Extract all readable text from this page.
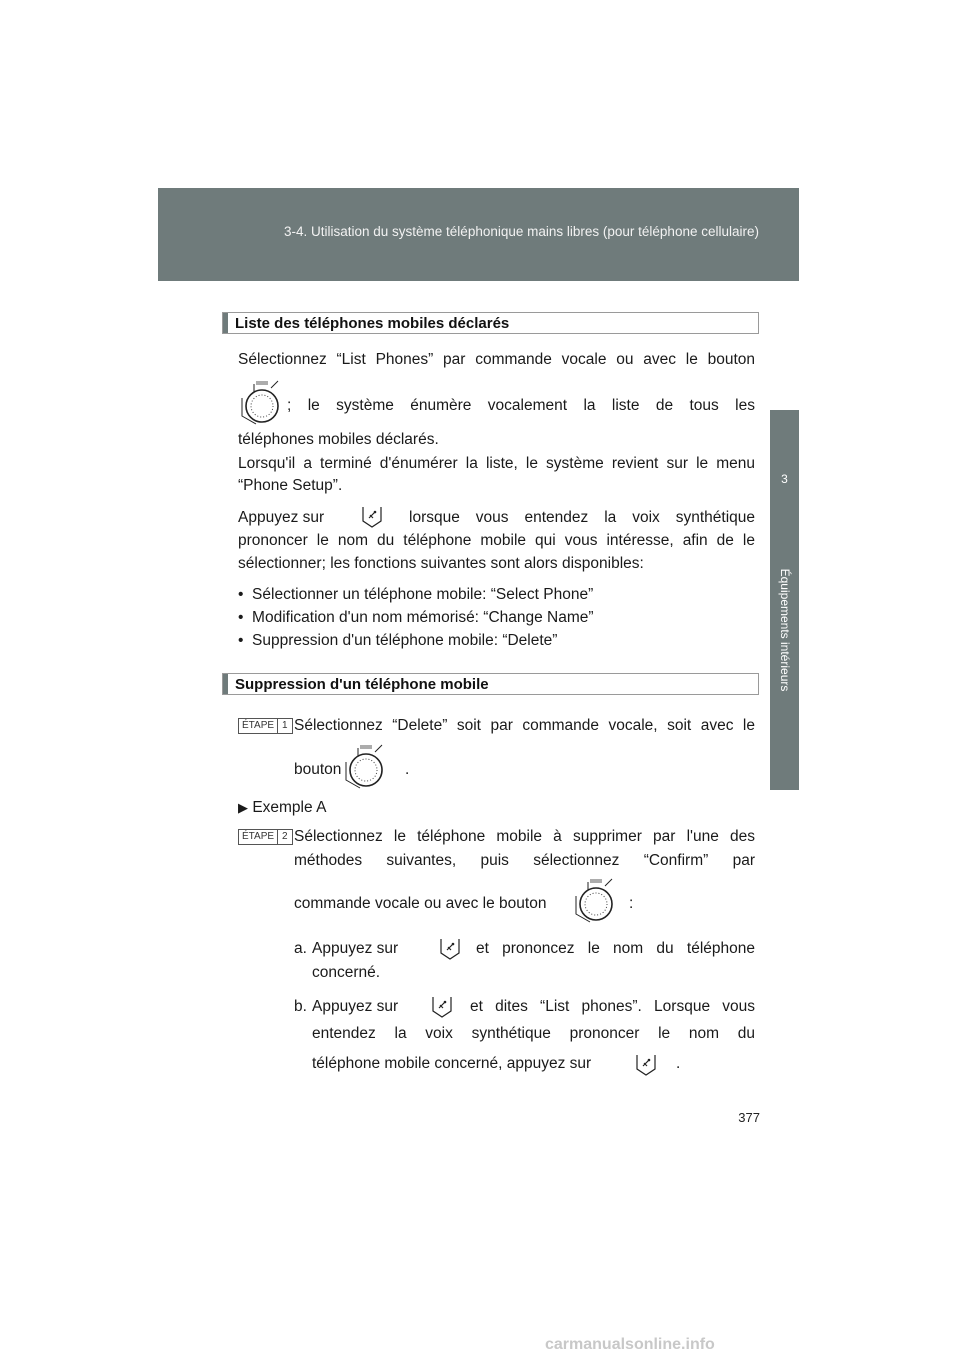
3-4. Utilisation du système téléphonique mains libres (pour téléphone cellulaire)
3
Équipements intérieurs
Liste des téléphones mobiles déclarés
Sélectionnez “List Phones” par commande vocale ou avec le bouton
; le système énumère vocalement la liste de tous les
téléphones mobiles déclarés.
Lorsqu'il a terminé d'énumérer la liste, le système revient sur le menu
“Phone Setup”.
Appuyez sur	lorsque vous entendez la voix synthétique
prononcer le nom du téléphone mobile qui vous intéresse, afin de le
sélectionner; les fonctions suivantes sont alors disponibles:
•  Sélectionner un téléphone mobile: “Select Phone”
•  Modification d'un nom mémorisé: “Change Name”
•  Suppression d'un téléphone mobile: “Delete”
Suppression d'un téléphone mobile
ÉTAPE 1 Sélectionnez “Delete” soit par commande vocale, soit avec le
bouton	.
▶ Exemple A
ÉTAPE 2 Sélectionnez le téléphone mobile à supprimer par l'une des
méthodes suivantes, puis sélectionnez “Confirm” par
commande vocale ou avec le bouton	:
a. Appuyez sur	et prononcez le nom du téléphone
concerné.
b. Appuyez sur	et dites “List phones”. Lorsque vous
entendez la voix synthétique prononcer le nom du
téléphone mobile concerné, appuyez sur	.
377
carmanualsonline.info
